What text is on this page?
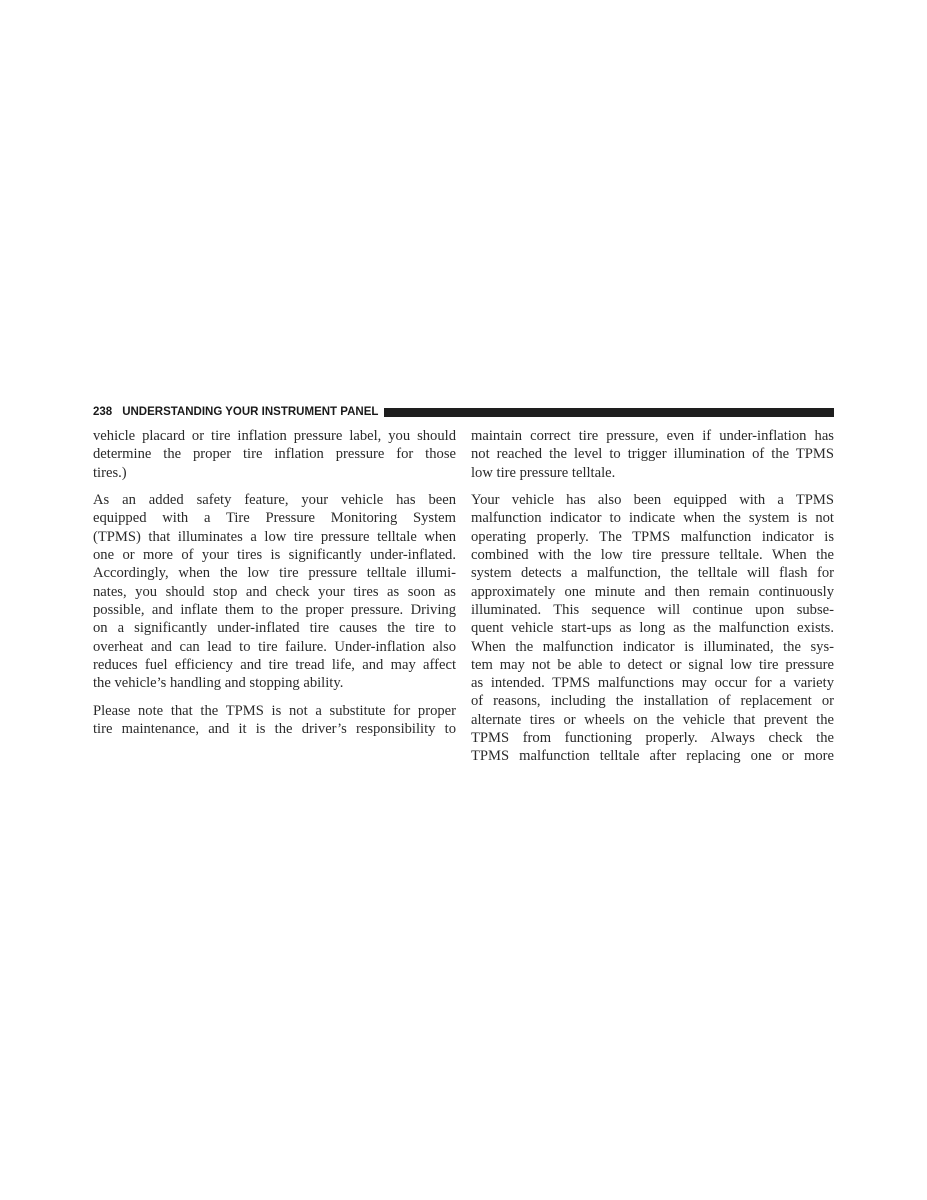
238 UNDERSTANDING YOUR INSTRUMENT PANEL

vehicle placard or tire inflation pressure label, you should
determine the proper tire inflation pressure for those
tires.)

As an added safety feature, your vehicle has been
equipped with a Tire Pressure Monitoring System
(TPMS) that illuminates a low tire pressure telltale when
one or more of your tires is significantly under-inflated.
Accordingly, when the low tire pressure telltale illumi-
nates, you should stop and check your tires as soon as
possible, and inflate them to the proper pressure. Driving
on a significantly under-inflated tire causes the tire to
overheat and can lead to tire failure. Under-inflation also
reduces fuel efficiency and tire tread life, and may affect
the vehicle’s handling and stopping ability.

Please note that the TPMS is not a substitute for proper
tire maintenance, and it is the driver’s responsibility to

maintain correct tire pressure, even if under-inflation has
not reached the level to trigger illumination of the TPMS
low tire pressure telltale.

Your vehicle has also been equipped with a TPMS
malfunction indicator to indicate when the system is not
operating properly. The TPMS malfunction indicator is
combined with the low tire pressure telltale. When the
system detects a malfunction, the telltale will flash for
approximately one minute and then remain continuously
illuminated. This sequence will continue upon subse-
quent vehicle start-ups as long as the malfunction exists.
When the malfunction indicator is illuminated, the sys-
tem may not be able to detect or signal low tire pressure
as intended. TPMS malfunctions may occur for a variety
of reasons, including the installation of replacement or
alternate tires or wheels on the vehicle that prevent the
TPMS from functioning properly. Always check the
TPMS malfunction telltale after replacing one or more
